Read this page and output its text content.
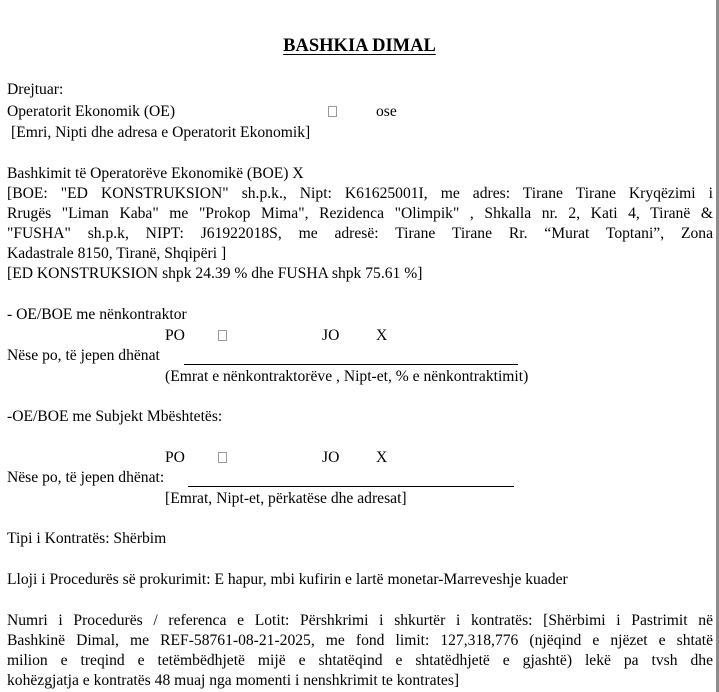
BASHKIA DIMAL
Drejtuar:
Operatorit Ekonomik (OE)	ose
[Emri, Nipti dhe adresa e Operatorit Ekonomik]
Bashkimit të Operatorëve Ekonomikë (BOE) X
[BOE: "ED KONSTRUKSION" sh.p.k., Nipt: K61625001I, me adres: Tirane Tirane Kryqëzimi i
Rrugës "Liman Kaba" me "Prokop Mima", Rezidenca "Olimpik" , Shkalla nr. 2, Kati 4, Tiranë &
"FUSHA" sh.p.k, NIPT: J61922018S, me adresë: Tirane Tirane Rr. “Murat Toptani”, Zona
Kadastrale 8150, Tiranë, Shqipëri ]
[ED KONSTRUKSION shpk 24.39 % dhe FUSHA shpk 75.61 %]
- OE/BOE me nënkontraktor
PO	JO X
Nëse po, të jepen dhënat
(Emrat e nënkontraktorëve , Nipt-et, % e nënkontraktimit)
-OE/BOE me Subjekt Mbështetës:
PO	JO X
Nëse po, të jepen dhënat:
[Emrat, Nipt-et, përkatëse dhe adresat]
Tipi i Kontratës: Shërbim
Lloji i Procedurës së prokurimit: E hapur, mbi kufirin e lartë monetar-Marreveshje kuader
Numri i Procedurës / referenca e Lotit: Përshkrimi i shkurtër i kontratës: [Shërbimi i Pastrimit në
Bashkinë Dimal, me REF-58761-08-21-2025, me fond limit: 127,318,776 (njëqind e njëzet e shtatë
milion e treqind e tetëmbëdhjetë mijë e shtatëqind e shtatëdhjetë e gjashtë) lekë pa tvsh dhe
kohëzgjatja e kontratës 48 muaj nga momenti i nenshkrimit te kontrates]
